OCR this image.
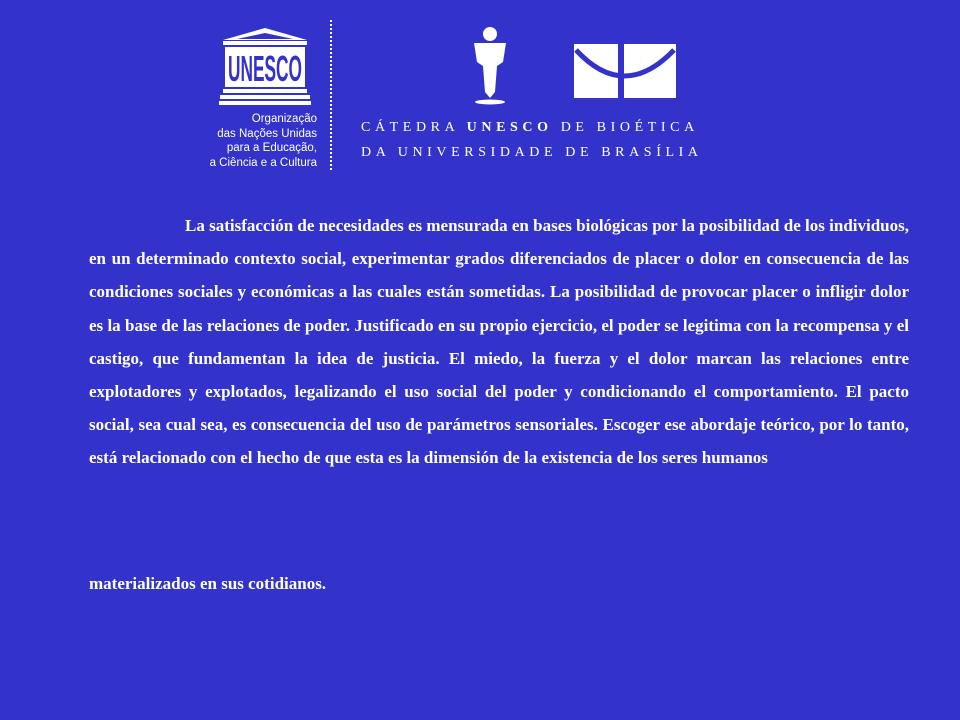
UNESCO
Organização
das Nações Unidas
para a Educação,
a Ciência e a Cultura
CÁTEDRA UNESCO DE BIOÉTICA
DA UNIVERSIDADE DE BRASÍLIA

La satisfacción de necesidades es mensurada en bases biológicas por la posibilidad de los individuos, en un determinado contexto social, experimentar grados diferenciados de placer o dolor en consecuencia de las condiciones sociales y económicas a las cuales están sometidas. La posibilidad de provocar placer o infligir dolor es la base de las relaciones de poder. Justificado en su propio ejercicio, el poder se legitima con la recompensa y el castigo, que fundamentan la idea de justicia. El miedo, la fuerza y el dolor marcan las relaciones entre explotadores y explotados, legalizando el uso social del poder y condicionando el comportamiento. El pacto social, sea cual sea, es consecuencia del uso de parámetros sensoriales. Escoger ese abordaje teórico, por lo tanto, está relacionado con el hecho de que esta es la dimensión de la existencia de los seres humanos

materializados en sus cotidianos.
